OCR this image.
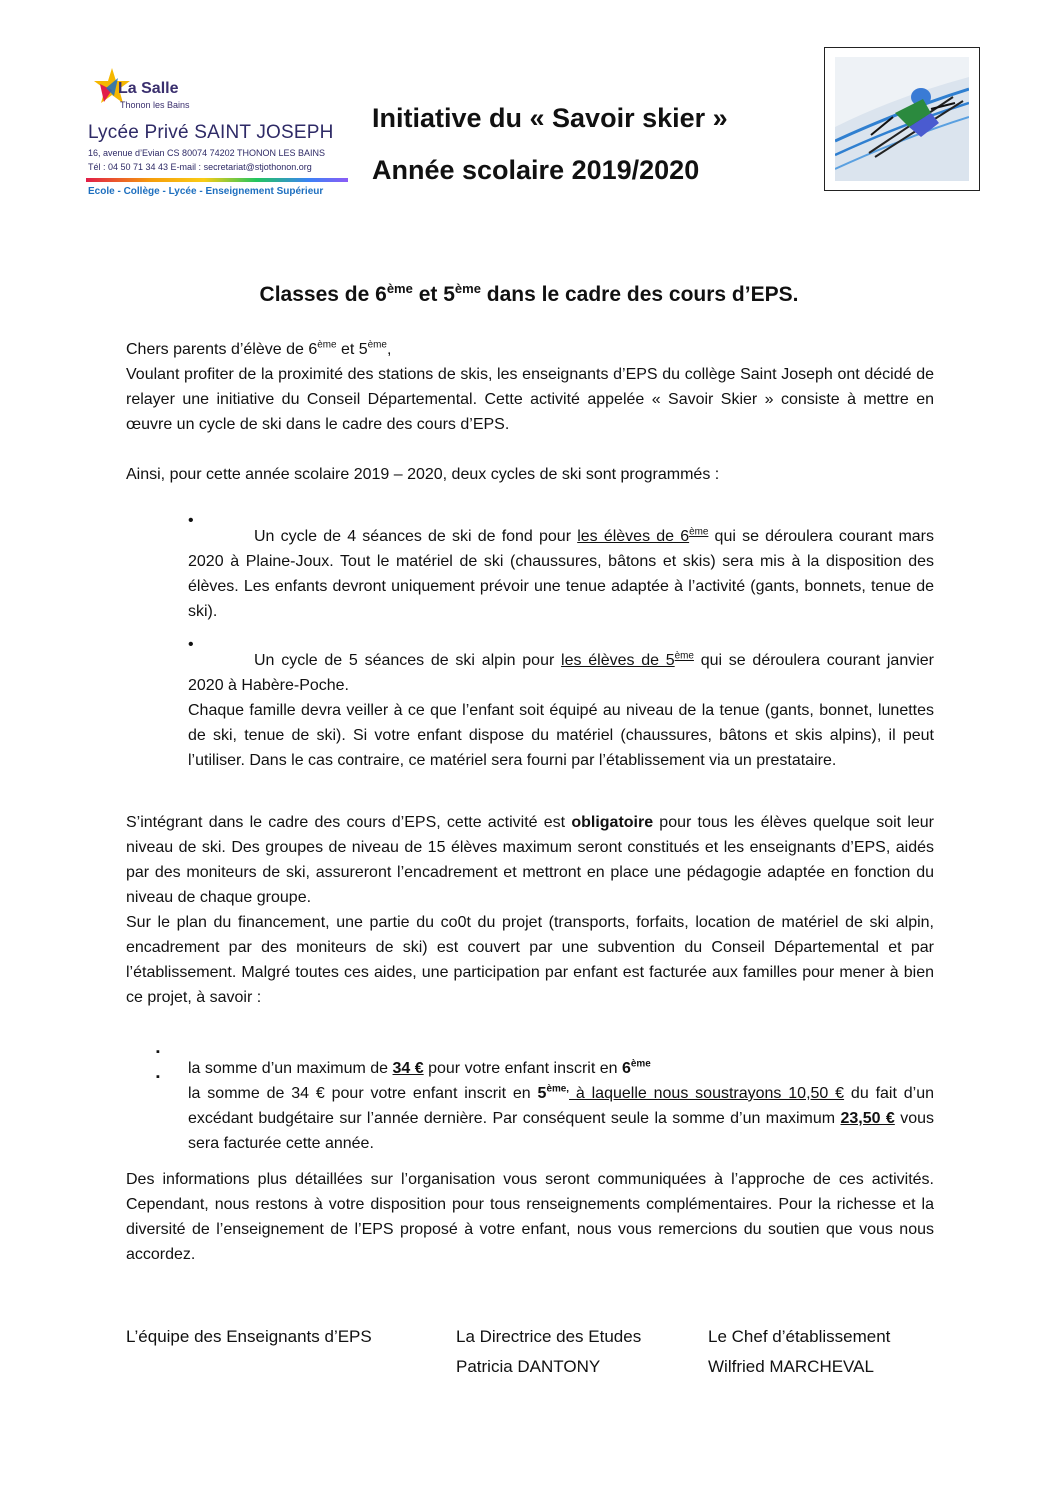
La Salle
Thonon les Bains
Lycée Privé SAINT JOSEPH
16, avenue d’Evian CS 80074 74202 THONON LES BAINS
Tél : 04 50 71 34 43 E-mail : secretariat@stjothonon.org
Ecole - Collège - Lycée - Enseignement Supérieur
Initiative du « Savoir skier »
Année scolaire 2019/2020
Classes de 6ème et 5ème dans le cadre des cours d’EPS.
Chers parents d’élève de 6ème et 5ème,

Voulant profiter de la proximité des stations de skis, les enseignants d’EPS du collège Saint Joseph ont décidé de relayer une initiative du Conseil Départemental. Cette activité appelée « Savoir Skier » consiste à mettre en œuvre un cycle de ski dans le cadre des cours d’EPS.

Ainsi, pour cette année scolaire 2019 – 2020, deux cycles de ski sont programmés :

•

Un cycle de 4 séances de ski de fond pour les élèves de 6ème qui se déroulera courant mars 2020 à Plaine-Joux. Tout le matériel de ski (chaussures, bâtons et skis) sera mis à la disposition des élèves. Les enfants devront uniquement prévoir une tenue adaptée à l’activité (gants, bonnets, tenue de ski).

•

Un cycle de 5 séances de ski alpin pour les élèves de 5ème qui se déroulera courant janvier 2020 à Habère-Poche.

Chaque famille devra veiller à ce que l’enfant soit équipé au niveau de la tenue (gants, bonnet, lunettes de ski, tenue de ski). Si votre enfant dispose du matériel (chaussures, bâtons et skis alpins), il peut l’utiliser. Dans le cas contraire, ce matériel sera fourni par l’établissement via un prestataire.

S’intégrant dans le cadre des cours d’EPS, cette activité est obligatoire pour tous les élèves quelque soit leur niveau de ski. Des groupes de niveau de 15 élèves maximum seront constitués et les enseignants d’EPS, aidés par des moniteurs de ski, assureront l’encadrement et mettront en place une pédagogie adaptée en fonction du niveau de chaque groupe.

Sur le plan du financement, une partie du co0t du projet (transports, forfaits, location de matériel de ski alpin, encadrement par des moniteurs de ski) est couvert par une subvention du Conseil Départemental et par l’établissement. Malgré toutes ces aides, une participation par enfant est facturée aux familles pour mener à bien ce projet, à savoir :

▪

la somme d’un maximum de 34 € pour votre enfant inscrit en 6ème

▪

la somme de 34 € pour votre enfant inscrit en $5^{ème,}$ à laquelle nous soustrayons 10,50 € du fait d’un excédant budgétaire sur l’année dernière. Par conséquent seule la somme d’un maximum 23,50 € vous sera facturée cette année.

Des informations plus détaillées sur l’organisation vous seront communiquées à l’approche de ces activités. Cependant, nous restons à votre disposition pour tous renseignements complémentaires. Pour la richesse et la diversité de l’enseignement de l’EPS proposé à votre enfant, nous vous remercions du soutien que vous nous accordez.

L’équipe des Enseignants d’EPS	La Directrice des Etudes
Patricia DANTONY
Le Chef d’établissement
Wilfried MARCHEVAL
